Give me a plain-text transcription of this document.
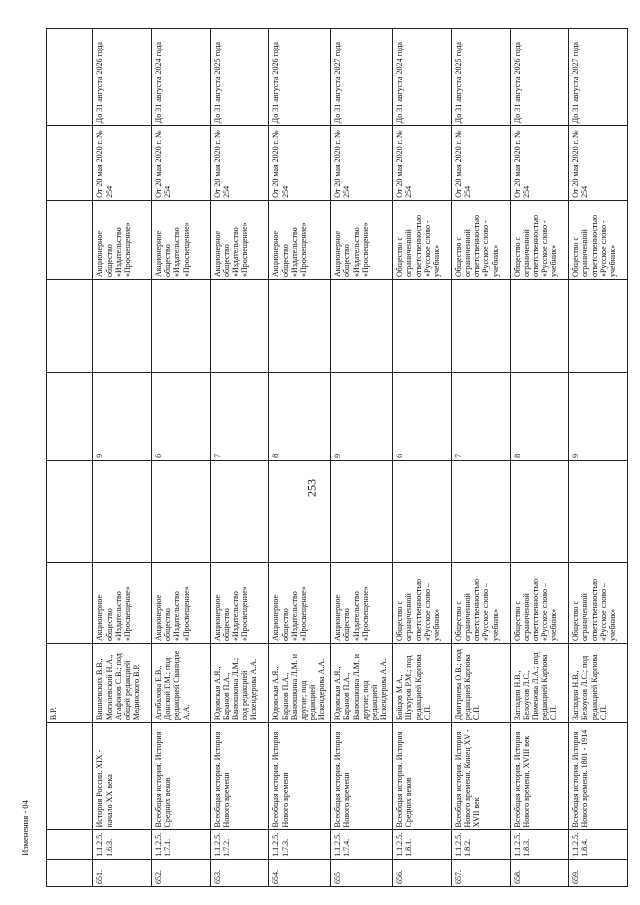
253
			В.Р.							
651.	1.1.2.5.1.6.3.	История России. XIX - начало XX века	Вишневских В.В., Могилевский Н.А., Агафонов С.В.; под общей редакцией Мединского В.Р.	Акционерное общество «Издательство «Просвещение»		9		Акционерное общество «Издательство «Просвещение»	От 20 мая 2020 г. № 254	До 31 августа 2026 года
652.	1.1.2.5.1.7.1.	Всеобщая история. История Средних веков	Агибалова Е.В., Донской Г.М.; под редакцией Сванидзе А.А.	Акционерное общество «Издательство «Просвещение»		6		Акционерное общество «Издательство «Просвещение»	От 20 мая 2020 г. № 254	До 31 августа 2024 года
653.	1.1.2.5.1.7.2.	Всеобщая история. История Нового времени	Юдовская А.Я., Баранов П.А., Ванюшкина Л.М.; под редакцией Искендерова А.А.	Акционерное общество «Издательство «Просвещение»		7		Акционерное общество «Издательство «Просвещение»	От 20 мая 2020 г. № 254	До 31 августа 2025 года
654.	1.1.2.5.1.7.3.	Всеобщая история. История Нового времени	Юдовская А.Я., Баранов П.А., Ванюшкина Л.М. и другие; под редакцией Искендерова А.А.	Акционерное общество «Издательство «Просвещение»		8		Акционерное общество «Издательство «Просвещение»	От 20 мая 2020 г. № 254	До 31 августа 2026 года
655	1.1.2.5.1.7.4.	Всеобщая история. История Нового времени	Юдовская А.Я., Баранов П.А., Ванюшкина Л.М. и другие; под редакцией Искендерова А.А.	Акционерное общество «Издательство «Просвещение»		9		Акционерное общество «Издательство «Просвещение»	От 20 мая 2020 г. № 254	До 31 августа 2027 года
656.	1.1.2.5.1.8.1.	Всеобщая история. История Средних веков	Бойцов М.А., Шукуров Р.М.; под редакцией Карпова С.П.	Общество с ограниченной ответственностью «Русское слово – учебник»		6		Общество с ограниченной ответственностью «Русское слово - учебник»	От 20 мая 2020 г. № 254	До 31 августа 2024 года
657.	1.1.2.5.1.8.2.	Всеобщая история. История Нового времени. Конец XV - XVII век	Дмитриева О.В.; под редакцией Карпова С.П.	Общество с ограниченной ответственностью «Русское слово – учебник»		7		Общество с ограниченной ответственностью «Русское слово - учебник»	От 20 мая 2020 г. № 254	До 31 августа 2025 года
658.	1.1.2.5.1.8.3.	Всеобщая история. История Нового времени. XVIII век	Загладин Н.В., Белоусов Л.С., Пименова Л.А.; под редакцией Карпова С.П.	Общество с ограниченной ответственностью «Русское слово – учебник»		8		Общество с ограниченной ответственностью «Русское слово - учебник»	От 20 мая 2020 г. № 254	До 31 августа 2026 года
659.	1.1.2.5.1.8.4.	Всеобщая история. История Нового времени. 1801 - 1914	Загладин Н.В., Белоусов Л.С.; под редакцией Карпова С.П.	Общество с ограниченной ответственностью «Русское слово – учебник»		9		Общество с ограниченной ответственностью «Русское слово - учебник»	От 20 мая 2020 г. № 254	До 31 августа 2027 года
Изменения - 04
